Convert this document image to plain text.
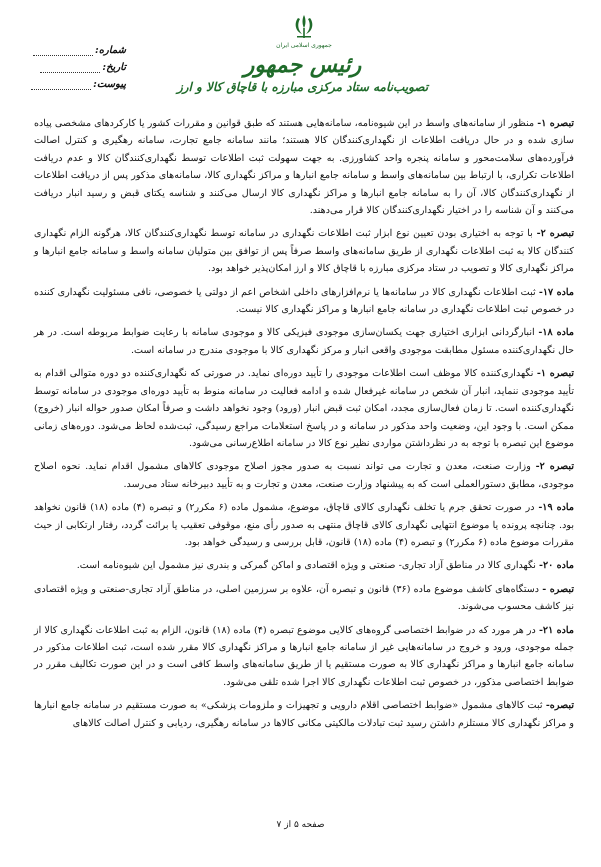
شماره:
تاریخ:
پیوست:
جمهوری اسلامی ایران
رئیس جمهور
تصویب‌نامه ستاد مرکزی مبارزه با قاچاق کالا و ارز

تبصره ۱- منظور از سامانه‌های واسط در این شیوه‌نامه، سامانه‌هایی هستند که طبق قوانین و مقررات کشور یا کارکردهای مشخصی پیاده سازی شده و در حال دریافت اطلاعات از نگهداری‌کنندگان کالا هستند؛ مانند سامانه جامع تجارت، سامانه رهگیری و کنترل اصالت فرآورده‌های سلامت‌محور و سامانه پنجره واحد کشاورزی. به جهت سهولت ثبت اطلاعات توسط نگهداری‌کنندگان کالا و عدم دریافت اطلاعات تکراری، با ارتباط بین سامانه‌های واسط و سامانه جامع انبارها و مراکز نگهداری کالا، سامانه‌های مذکور پس از دریافت اطلاعات از نگهداری‌کنندگان کالا، آن را به سامانه جامع انبارها و مراکز نگهداری کالا ارسال می‌کنند و شناسه یکتای قبض و رسید انبار دریافت می‌کنند و آن شناسه را در اختیار نگهداری‌کنندگان کالا قرار می‌دهند.

تبصره ۲- با توجه به اختیاری بودن تعیین نوع ابزار ثبت اطلاعات نگهداری در سامانه توسط نگهداری‌کنندگان کالا، هرگونه الزام نگهداری کنندگان کالا به ثبت اطلاعات نگهداری از طریق سامانه‌های واسط صرفاً پس از توافق بین متولیان سامانه واسط و سامانه جامع انبارها و مراکز نگهداری کالا و تصویب در ستاد مرکزی مبارزه با قاچاق کالا و ارز امکان‌پذیر خواهد بود.

ماده ۱۷- ثبت اطلاعات نگهداری کالا در سامانه‌ها یا نرم‌افزارهای داخلی اشخاص اعم از دولتی یا خصوصی، نافی مسئولیت نگهداری کننده در خصوص ثبت اطلاعات نگهداری در سامانه جامع انبارها و مراکز نگهداری کالا نیست.

ماده ۱۸- انبارگردانی ابزاری اختیاری جهت یکسان‌سازی موجودی فیزیکی کالا و موجودی سامانه با رعایت ضوابط مربوطه است. در هر حال نگهداری‌کننده مسئول مطابقت موجودی واقعی انبار و مرکز نگهداری کالا با موجودی مندرج در سامانه است.

تبصره ۱- نگهداری‌کننده کالا موظف است اطلاعات موجودی را تأیید دوره‌ای نماید. در صورتی که نگهداری‌کننده دو دوره متوالی اقدام به تأیید موجودی ننماید، انبار آن شخص در سامانه غیرفعال شده و ادامه فعالیت در سامانه منوط به تأیید دوره‌ای موجودی در سامانه توسط نگهداری‌کننده است. تا زمان فعال‌سازی مجدد، امکان ثبت قبض انبار (ورود) وجود نخواهد داشت و صرفاً امکان صدور حواله انبار (خروج) ممکن است. با وجود این، وضعیت واحد مذکور در سامانه و در پاسخ استعلامات مراجع رسیدگی، ثبت‌شده لحاظ می‌شود. دوره‌های زمانی موضوع این تبصره با توجه به در نظرداشتن مواردی نظیر نوع کالا در سامانه اطلاع‌رسانی می‌شود.

تبصره ۲- وزارت صنعت، معدن و تجارت می تواند نسبت به صدور مجوز اصلاح موجودی کالاهای مشمول اقدام نماید. نحوه اصلاح موجودی، مطابق دستورالعملی است که به پیشنهاد وزارت صنعت، معدن و تجارت و به تأیید دبیرخانه ستاد می‌رسد.

ماده ۱۹- در صورت تحقق جرم یا تخلف نگهداری کالای قاچاق، موضوع، مشمول ماده (۶ مکرر۲) و تبصره (۴) ماده (۱۸) قانون نخواهد بود. چنانچه پرونده یا موضوع انتهایی نگهداری کالای قاچاق منتهی به صدور رأی منع، موقوفی تعقیب یا برائت گردد، رفتار ارتکابی از حیث مقررات موضوع ماده (۶ مکرر۲) و تبصره (۴) ماده (۱۸) قانون، قابل بررسی و رسیدگی خواهد بود.

ماده ۲۰- نگهداری کالا در مناطق آزاد تجاری- صنعتی و ویژه اقتصادی و اماکن گمرکی و بندری نیز مشمول این شیوه‌نامه است.

تبصره - دستگاه‌های کاشف موضوع ماده (۳۶) قانون و تبصره آن، علاوه بر سرزمین اصلی، در مناطق آزاد تجاری-صنعتی و ویژه اقتصادی نیز کاشف محسوب می‌شوند.

ماده ۲۱- در هر مورد که در ضوابط اختصاصی گروه‌های کالایی موضوع تبصره (۴) ماده (۱۸) قانون، الزام به ثبت اطلاعات نگهداری کالا از جمله موجودی، ورود و خروج در سامانه‌هایی غیر از سامانه جامع انبارها و مراکز نگهداری کالا مقرر شده است، ثبت اطلاعات مذکور در سامانه جامع انبارها و مراکز نگهداری کالا به صورت مستقیم یا از طریق سامانه‌های واسط کافی است و در این صورت تکالیف مقرر در ضوابط اختصاصی مذکور، در خصوص ثبت اطلاعات نگهداری کالا اجرا شده تلقی می‌شود.

تبصره- ثبت کالاهای مشمول «ضوابط اختصاصی اقلام دارویی و تجهیزات و ملزومات پزشکی» به صورت مستقیم در سامانه جامع انبارها و مراکز نگهداری کالا مستلزم داشتن رسید ثبت تبادلات مالکیتی مکانی کالاها در سامانه رهگیری، ردیابی و کنترل اصالت کالاهای

صفحه ۵ از ۷
